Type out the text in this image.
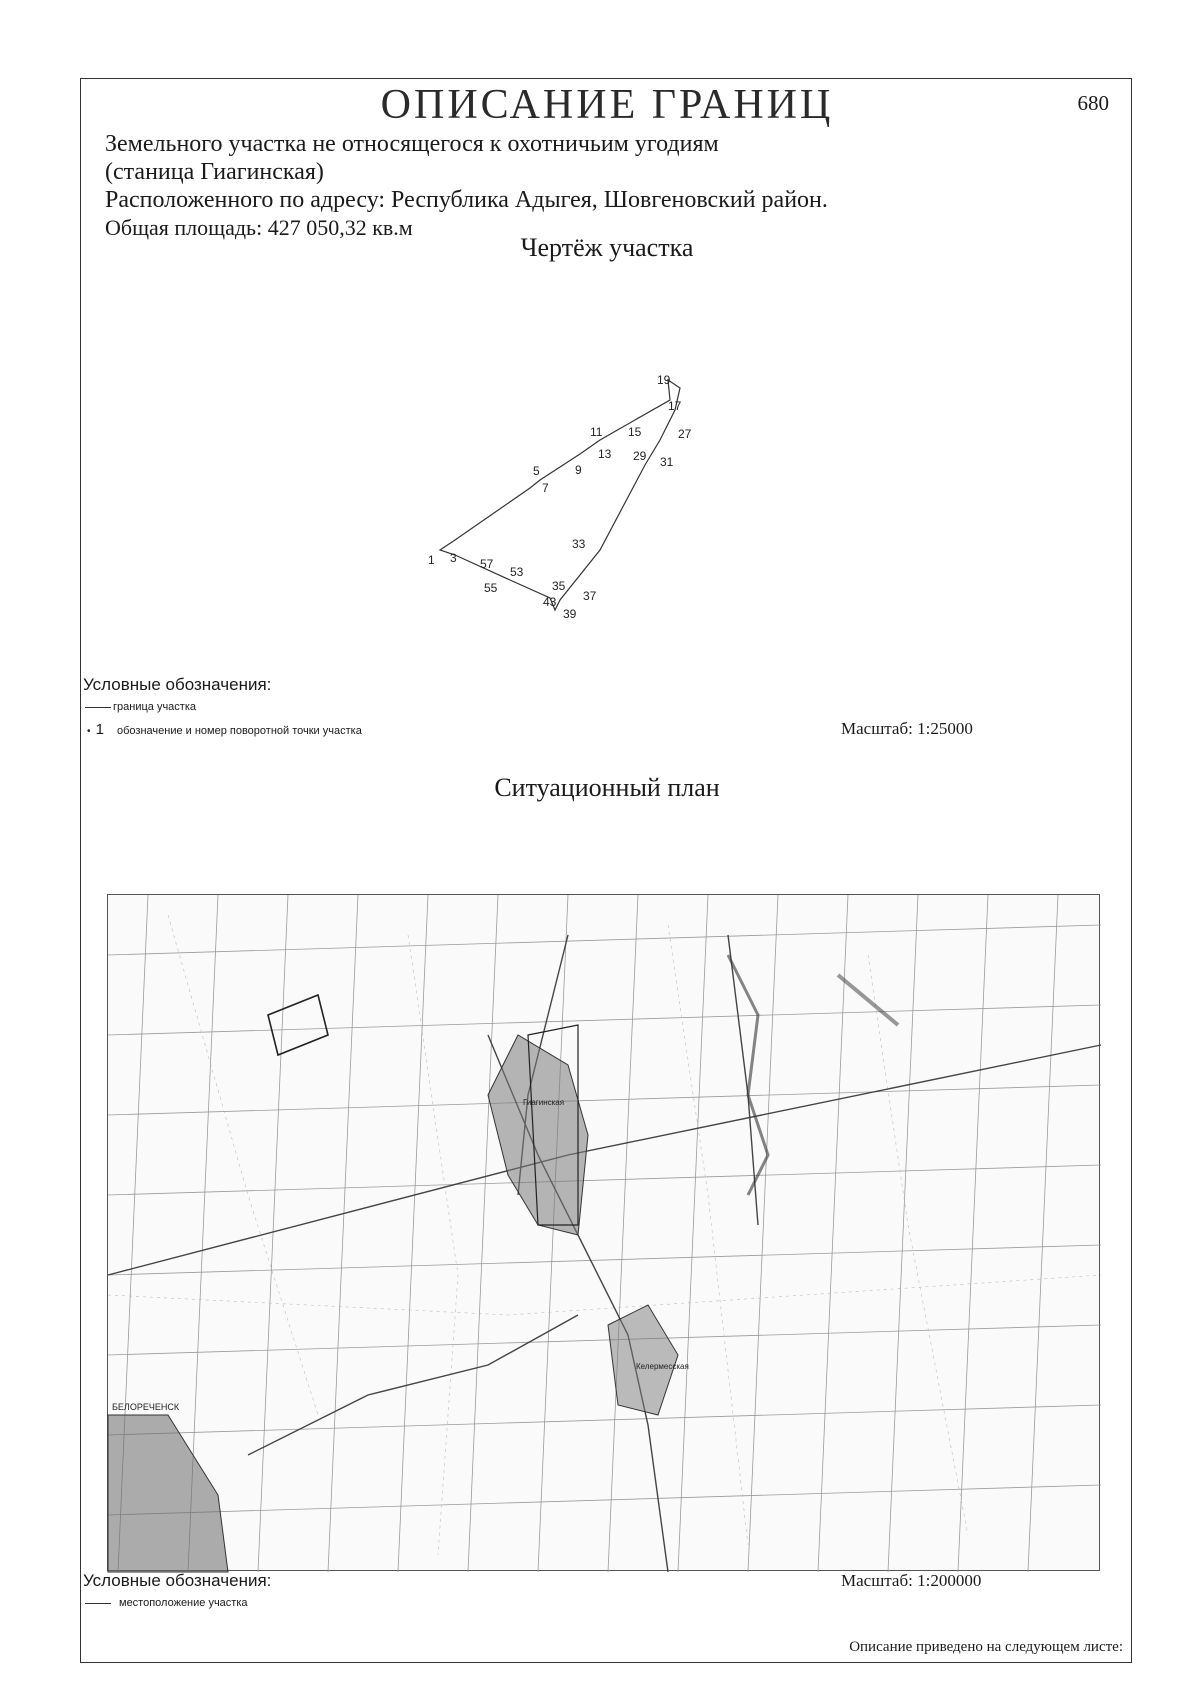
ОПИСАНИЕ ГРАНИЦ	680
Земельного участка не относящегося к охотничьим угодиям
(станица Гиагинская)
Расположенного по адресу: Республика Адыгея, Шовгеновский район.
Общая площадь: 427 050,32 кв.м
Чертёж участка
Условные обозначения:
граница участка
• 1 обозначение и номер поворотной точки участка	Масштаб: 1:25000
Ситуационный план
БЕЛОРЕЧЕНСК
Гиагинская
Келермесская
Условные обозначения:	Масштаб: 1:200000
местоположение участка
Описание приведено на следующем листе:
1 3
5
7
9
11
13
15
17
19
27
29 31
33
35
37
39
43
53
55
57
